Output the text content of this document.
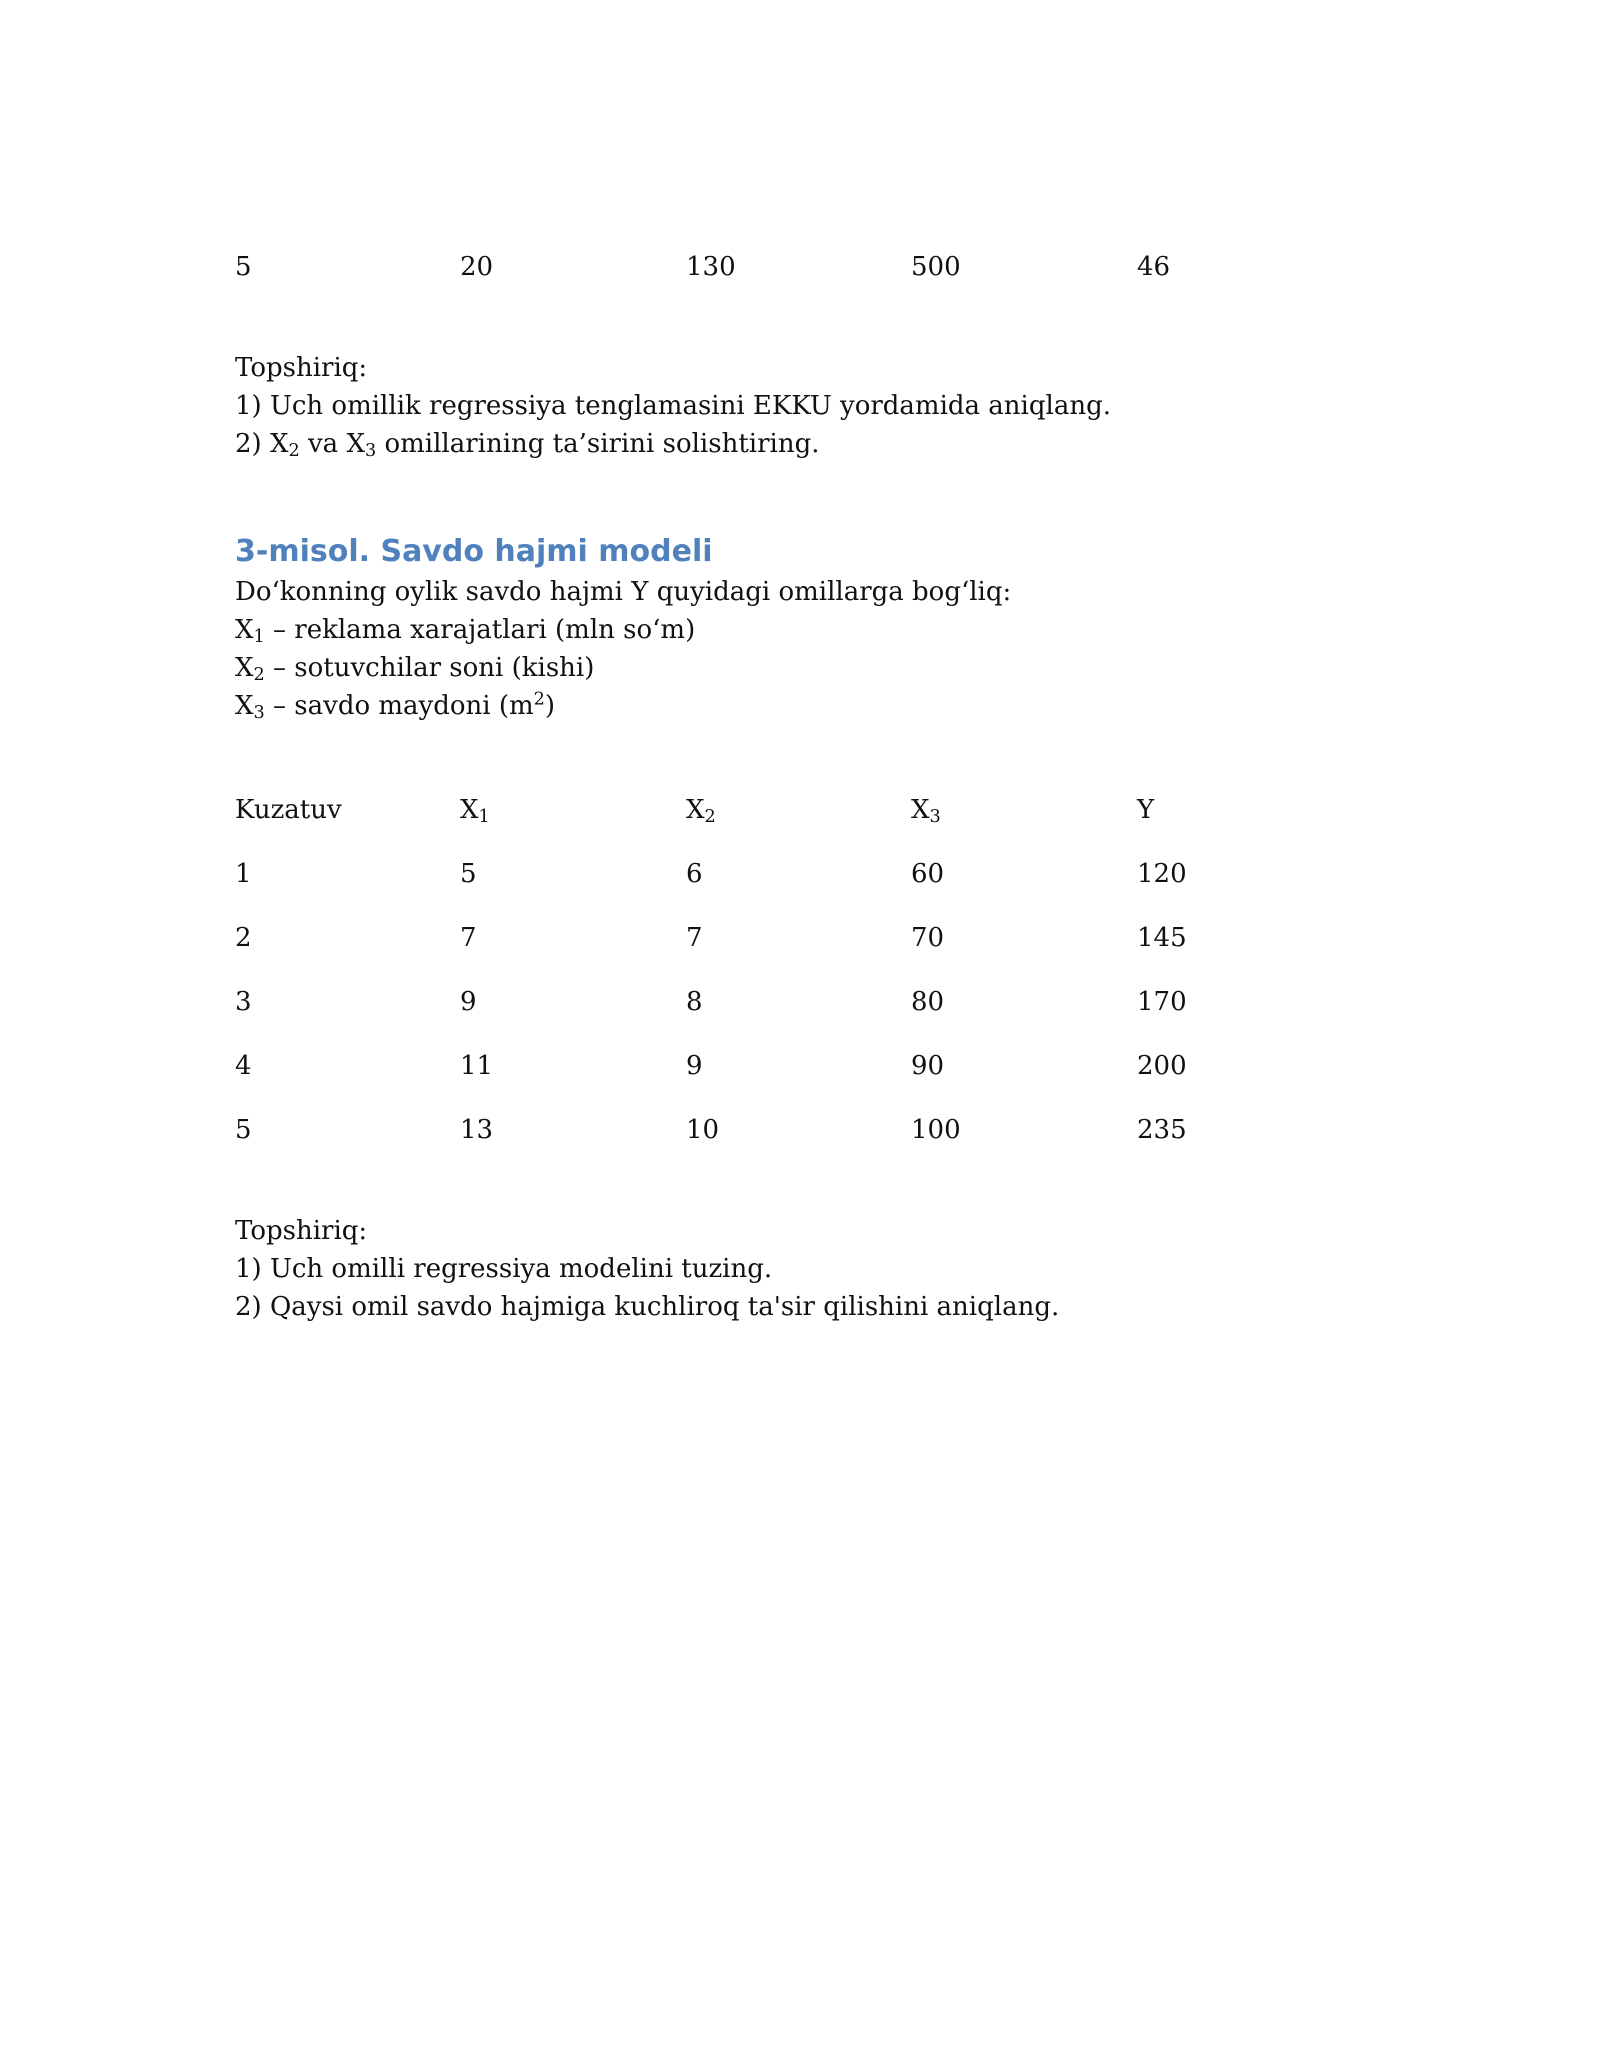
5	20	130	500	46
Topshiriq:
1) Uch omillik regressiya tenglamasini EKKU yordamida aniqlang.
2) $X_2$ va $X_3$ omillarining ta’sirini solishtiring.
3-misol. Savdo hajmi modeli
Do‘konning oylik savdo hajmi Y quyidagi omillarga bog‘liq:
$X_1$ – reklama xarajatlari (mln so‘m)
$X_2$ – sotuvchilar soni (kishi)
$X_3$ – savdo maydoni $(m^2)$
Kuzatuv	$X_1$	$X_2$	$X_3$	Y
1	5	6	60	120
2	7	7	70	145
3	9	8	80	170
4	11	9	90	200
5	13	10	100	235
Topshiriq:
1) Uch omilli regressiya modelini tuzing.
2) Qaysi omil savdo hajmiga kuchliroq ta'sir qilishini aniqlang.
